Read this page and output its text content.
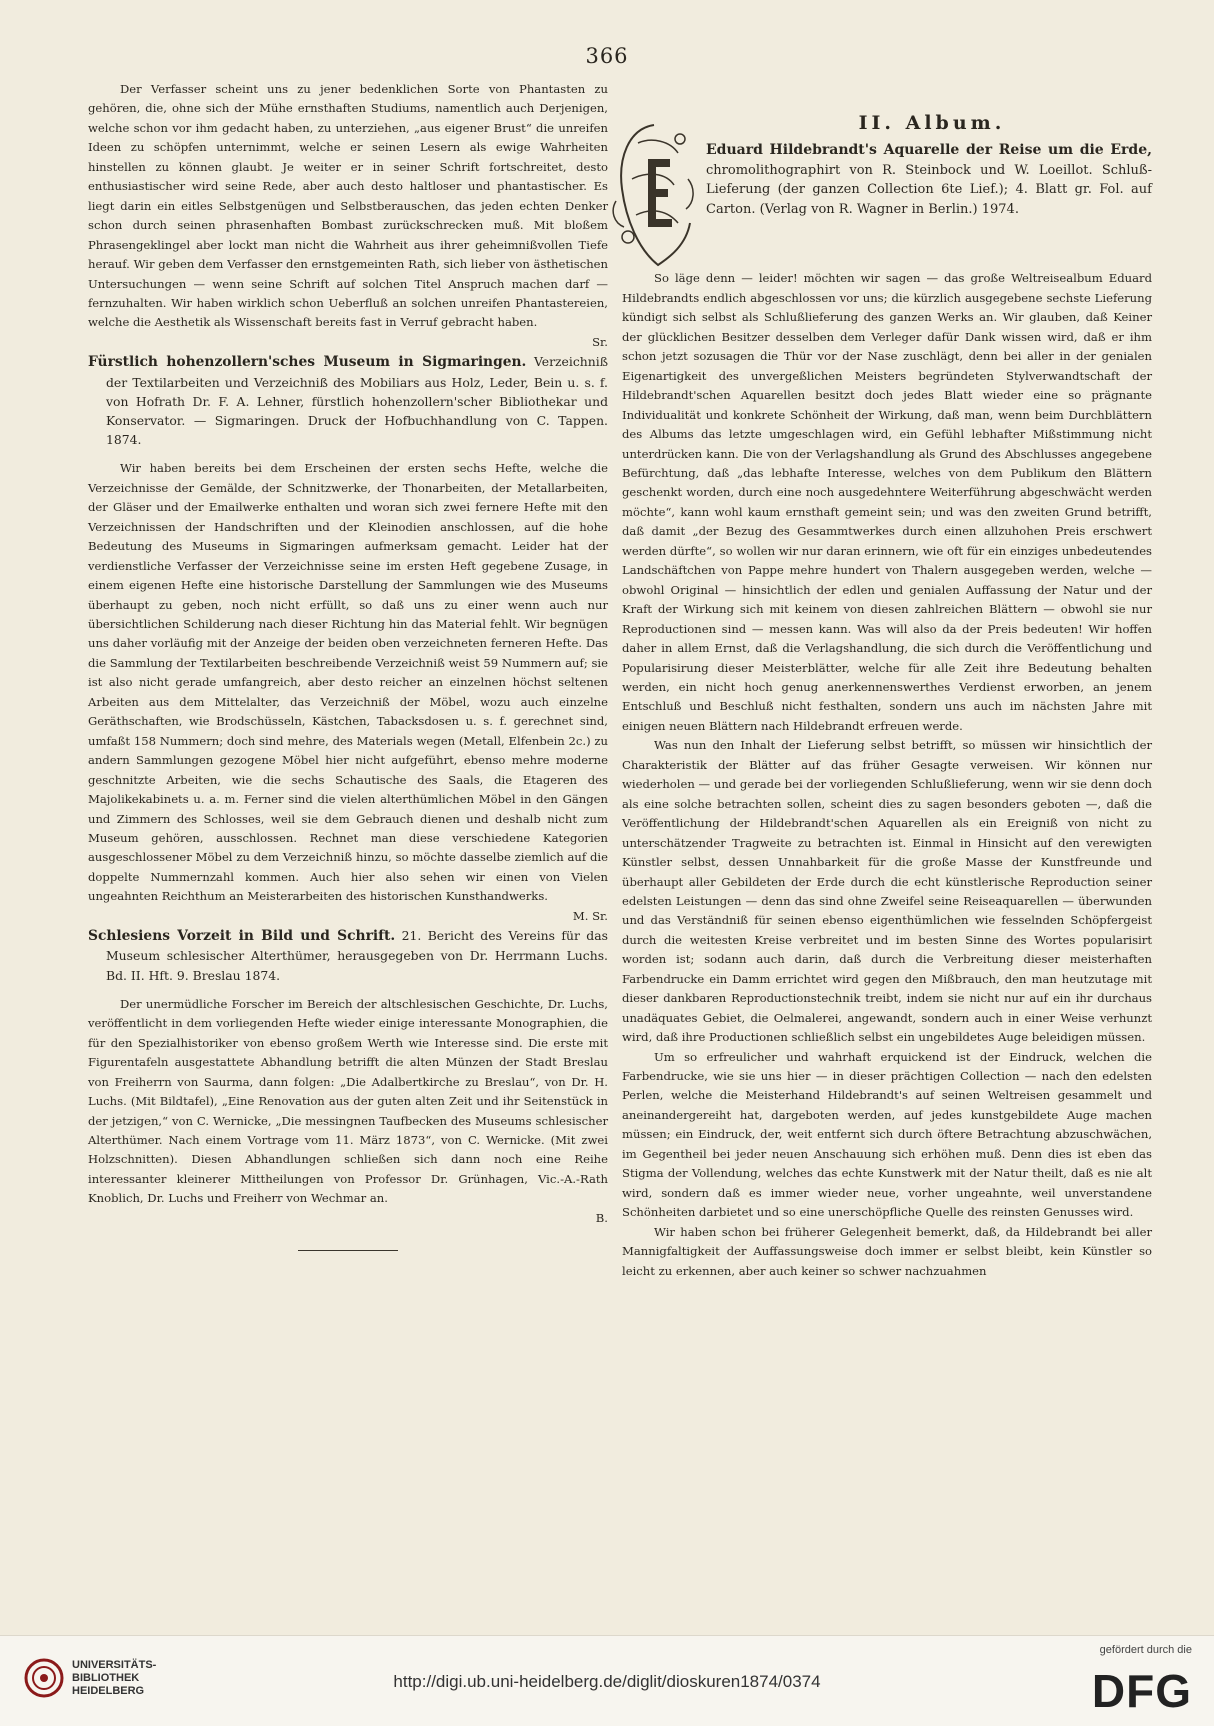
366

Der Verfasser scheint uns zu jener bedenklichen Sorte von Phantasten zu gehören, die, ohne sich der Mühe ernsthaften Studiums, namentlich auch Derjenigen, welche schon vor ihm gedacht haben, zu unterziehen, „aus eigener Brust“ die unreifen Ideen zu schöpfen unternimmt, welche er seinen Lesern als ewige Wahrheiten hinstellen zu können glaubt. Je weiter er in seiner Schrift fortschreitet, desto enthusiastischer wird seine Rede, aber auch desto haltloser und phantastischer. Es liegt darin ein eitles Selbstgenügen und Selbstberauschen, das jeden echten Denker schon durch seinen phrasenhaften Bombast zurückschrecken muß. Mit bloßem Phrasengeklingel aber lockt man nicht die Wahrheit aus ihrer geheimnißvollen Tiefe herauf. Wir geben dem Verfasser den ernstgemeinten Rath, sich lieber von ästhetischen Untersuchungen — wenn seine Schrift auf solchen Titel Anspruch machen darf — fernzuhalten. Wir haben wirklich schon Ueberfluß an solchen unreifen Phantastereien, welche die Aesthetik als Wissenschaft bereits fast in Verruf gebracht haben.

Sr.

Fürstlich hohenzollern'sches Museum in Sigmaringen. Verzeichniß der Textilarbeiten und Verzeichniß des Mobiliars aus Holz, Leder, Bein u. s. f. von Hofrath Dr. F. A. Lehner, fürstlich hohenzollern'scher Bibliothekar und Konservator. — Sigmaringen. Druck der Hofbuchhandlung von C. Tappen. 1874.

Wir haben bereits bei dem Erscheinen der ersten sechs Hefte, welche die Verzeichnisse der Gemälde, der Schnitzwerke, der Thonarbeiten, der Metallarbeiten, der Gläser und der Emailwerke enthalten und woran sich zwei fernere Hefte mit den Verzeichnissen der Handschriften und der Kleinodien anschlossen, auf die hohe Bedeutung des Museums in Sigmaringen aufmerksam gemacht. Leider hat der verdienstliche Verfasser der Verzeichnisse seine im ersten Heft gegebene Zusage, in einem eigenen Hefte eine historische Darstellung der Sammlungen wie des Museums überhaupt zu geben, noch nicht erfüllt, so daß uns zu einer wenn auch nur übersichtlichen Schilderung nach dieser Richtung hin das Material fehlt. Wir begnügen uns daher vorläufig mit der Anzeige der beiden oben verzeichneten ferneren Hefte. Das die Sammlung der Textilarbeiten beschreibende Verzeichniß weist 59 Nummern auf; sie ist also nicht gerade umfangreich, aber desto reicher an einzelnen höchst seltenen Arbeiten aus dem Mittelalter, das Verzeichniß der Möbel, wozu auch einzelne Geräthschaften, wie Brodschüsseln, Kästchen, Tabacksdosen u. s. f. gerechnet sind, umfaßt 158 Nummern; doch sind mehre, des Materials wegen (Metall, Elfenbein 2c.) zu andern Sammlungen gezogene Möbel hier nicht aufgeführt, ebenso mehre moderne geschnitzte Arbeiten, wie die sechs Schautische des Saals, die Etageren des Majolikekabinets u. a. m. Ferner sind die vielen alterthümlichen Möbel in den Gängen und Zimmern des Schlosses, weil sie dem Gebrauch dienen und deshalb nicht zum Museum gehören, ausschlossen. Rechnet man diese verschiedene Kategorien ausgeschlossener Möbel zu dem Verzeichniß hinzu, so möchte dasselbe ziemlich auf die doppelte Nummernzahl kommen. Auch hier also sehen wir einen von Vielen ungeahnten Reichthum an Meisterarbeiten des historischen Kunsthandwerks.

M. Sr.

Schlesiens Vorzeit in Bild und Schrift. 21. Bericht des Vereins für das Museum schlesischer Alterthümer, herausgegeben von Dr. Herrmann Luchs. Bd. II. Hft. 9. Breslau 1874.

Der unermüdliche Forscher im Bereich der altschlesischen Geschichte, Dr. Luchs, veröffentlicht in dem vorliegenden Hefte wieder einige interessante Monographien, die für den Spezialhistoriker von ebenso großem Werth wie Interesse sind. Die erste mit Figurentafeln ausgestattete Abhandlung betrifft die alten Münzen der Stadt Breslau von Freiherrn von Saurma, dann folgen: „Die Adalbertkirche zu Breslau“, von Dr. H. Luchs. (Mit Bildtafel), „Eine Renovation aus der guten alten Zeit und ihr Seitenstück in der jetzigen,“ von C. Wernicke, „Die messingnen Taufbecken des Museums schlesischer Alterthümer. Nach einem Vortrage vom 11. März 1873“, von C. Wernicke. (Mit zwei Holzschnitten). Diesen Abhandlungen schließen sich dann noch eine Reihe interessanter kleinerer Mittheilungen von Professor Dr. Grünhagen, Vic.-A.-Rath Knoblich, Dr. Luchs und Freiherr von Wechmar an.

B.
II. Album.

Eduard Hildebrandt's Aquarelle der Reise um die Erde, chromolithographirt von R. Steinbock und W. Loeillot. Schluß-Lieferung (der ganzen Collection 6te Lief.); 4. Blatt gr. Fol. auf Carton. (Verlag von R. Wagner in Berlin.) 1974.

So läge denn — leider! möchten wir sagen — das große Weltreisealbum Eduard Hildebrandts endlich abgeschlossen vor uns; die kürzlich ausgegebene sechste Lieferung kündigt sich selbst als Schlußlieferung des ganzen Werks an. Wir glauben, daß Keiner der glücklichen Besitzer desselben dem Verleger dafür Dank wissen wird, daß er ihm schon jetzt sozusagen die Thür vor der Nase zuschlägt, denn bei aller in der genialen Eigenartigkeit des unvergeßlichen Meisters begründeten Stylverwandtschaft der Hildebrandt'schen Aquarellen besitzt doch jedes Blatt wieder eine so prägnante Individualität und konkrete Schönheit der Wirkung, daß man, wenn beim Durchblättern des Albums das letzte umgeschlagen wird, ein Gefühl lebhafter Mißstimmung nicht unterdrücken kann. Die von der Verlagshandlung als Grund des Abschlusses angegebene Befürchtung, daß „das lebhafte Interesse, welches von dem Publikum den Blättern geschenkt worden, durch eine noch ausgedehntere Weiterführung abgeschwächt werden möchte“, kann wohl kaum ernsthaft gemeint sein; und was den zweiten Grund betrifft, daß damit „der Bezug des Gesammtwerkes durch einen allzuhohen Preis erschwert werden dürfte“, so wollen wir nur daran erinnern, wie oft für ein einziges unbedeutendes Landschäftchen von Pappe mehre hundert von Thalern ausgegeben werden, welche — obwohl Original — hinsichtlich der edlen und genialen Auffassung der Natur und der Kraft der Wirkung sich mit keinem von diesen zahlreichen Blättern — obwohl sie nur Reproductionen sind — messen kann. Was will also da der Preis bedeuten! Wir hoffen daher in allem Ernst, daß die Verlagshandlung, die sich durch die Veröffentlichung und Popularisirung dieser Meisterblätter, welche für alle Zeit ihre Bedeutung behalten werden, ein nicht hoch genug anerkennenswerthes Verdienst erworben, an jenem Entschluß und Beschluß nicht festhalten, sondern uns auch im nächsten Jahre mit einigen neuen Blättern nach Hildebrandt erfreuen werde.

Was nun den Inhalt der Lieferung selbst betrifft, so müssen wir hinsichtlich der Charakteristik der Blätter auf das früher Gesagte verweisen. Wir können nur wiederholen — und gerade bei der vorliegenden Schlußlieferung, wenn wir sie denn doch als eine solche betrachten sollen, scheint dies zu sagen besonders geboten —, daß die Veröffentlichung der Hildebrandt'schen Aquarellen als ein Ereigniß von nicht zu unterschätzender Tragweite zu betrachten ist. Einmal in Hinsicht auf den verewigten Künstler selbst, dessen Unnahbarkeit für die große Masse der Kunstfreunde und überhaupt aller Gebildeten der Erde durch die echt künstlerische Reproduction seiner edelsten Leistungen — denn das sind ohne Zweifel seine Reiseaquarellen — überwunden und das Verständniß für seinen ebenso eigenthümlichen wie fesselnden Schöpfergeist durch die weitesten Kreise verbreitet und im besten Sinne des Wortes popularisirt worden ist; sodann auch darin, daß durch die Verbreitung dieser meisterhaften Farbendrucke ein Damm errichtet wird gegen den Mißbrauch, den man heutzutage mit dieser dankbaren Reproductionstechnik treibt, indem sie nicht nur auf ein ihr durchaus unadäquates Gebiet, die Oelmalerei, angewandt, sondern auch in einer Weise verhunzt wird, daß ihre Productionen schließlich selbst ein ungebildetes Auge beleidigen müssen.

Um so erfreulicher und wahrhaft erquickend ist der Eindruck, welchen die Farbendrucke, wie sie uns hier — in dieser prächtigen Collection — nach den edelsten Perlen, welche die Meisterhand Hildebrandt's auf seinen Weltreisen gesammelt und aneinandergereiht hat, dargeboten werden, auf jedes kunstgebildete Auge machen müssen; ein Eindruck, der, weit entfernt sich durch öftere Betrachtung abzuschwächen, im Gegentheil bei jeder neuen Anschauung sich erhöhen muß. Denn dies ist eben das Stigma der Vollendung, welches das echte Kunstwerk mit der Natur theilt, daß es nie alt wird, sondern daß es immer wieder neue, vorher ungeahnte, weil unverstandene Schönheiten darbietet und so eine unerschöpfliche Quelle des reinsten Genusses wird.

Wir haben schon bei früherer Gelegenheit bemerkt, daß, da Hildebrandt bei aller Mannigfaltigkeit der Auffassungsweise doch immer er selbst bleibt, kein Künstler so leicht zu erkennen, aber auch keiner so schwer nachzuahmen

UNIVERSITÄTS-
BIBLIOTHEK
HEIDELBERG	http://digi.ub.uni-heidelberg.de/diglit/dioskuren1874/0374
gefördert durch die
DFG
